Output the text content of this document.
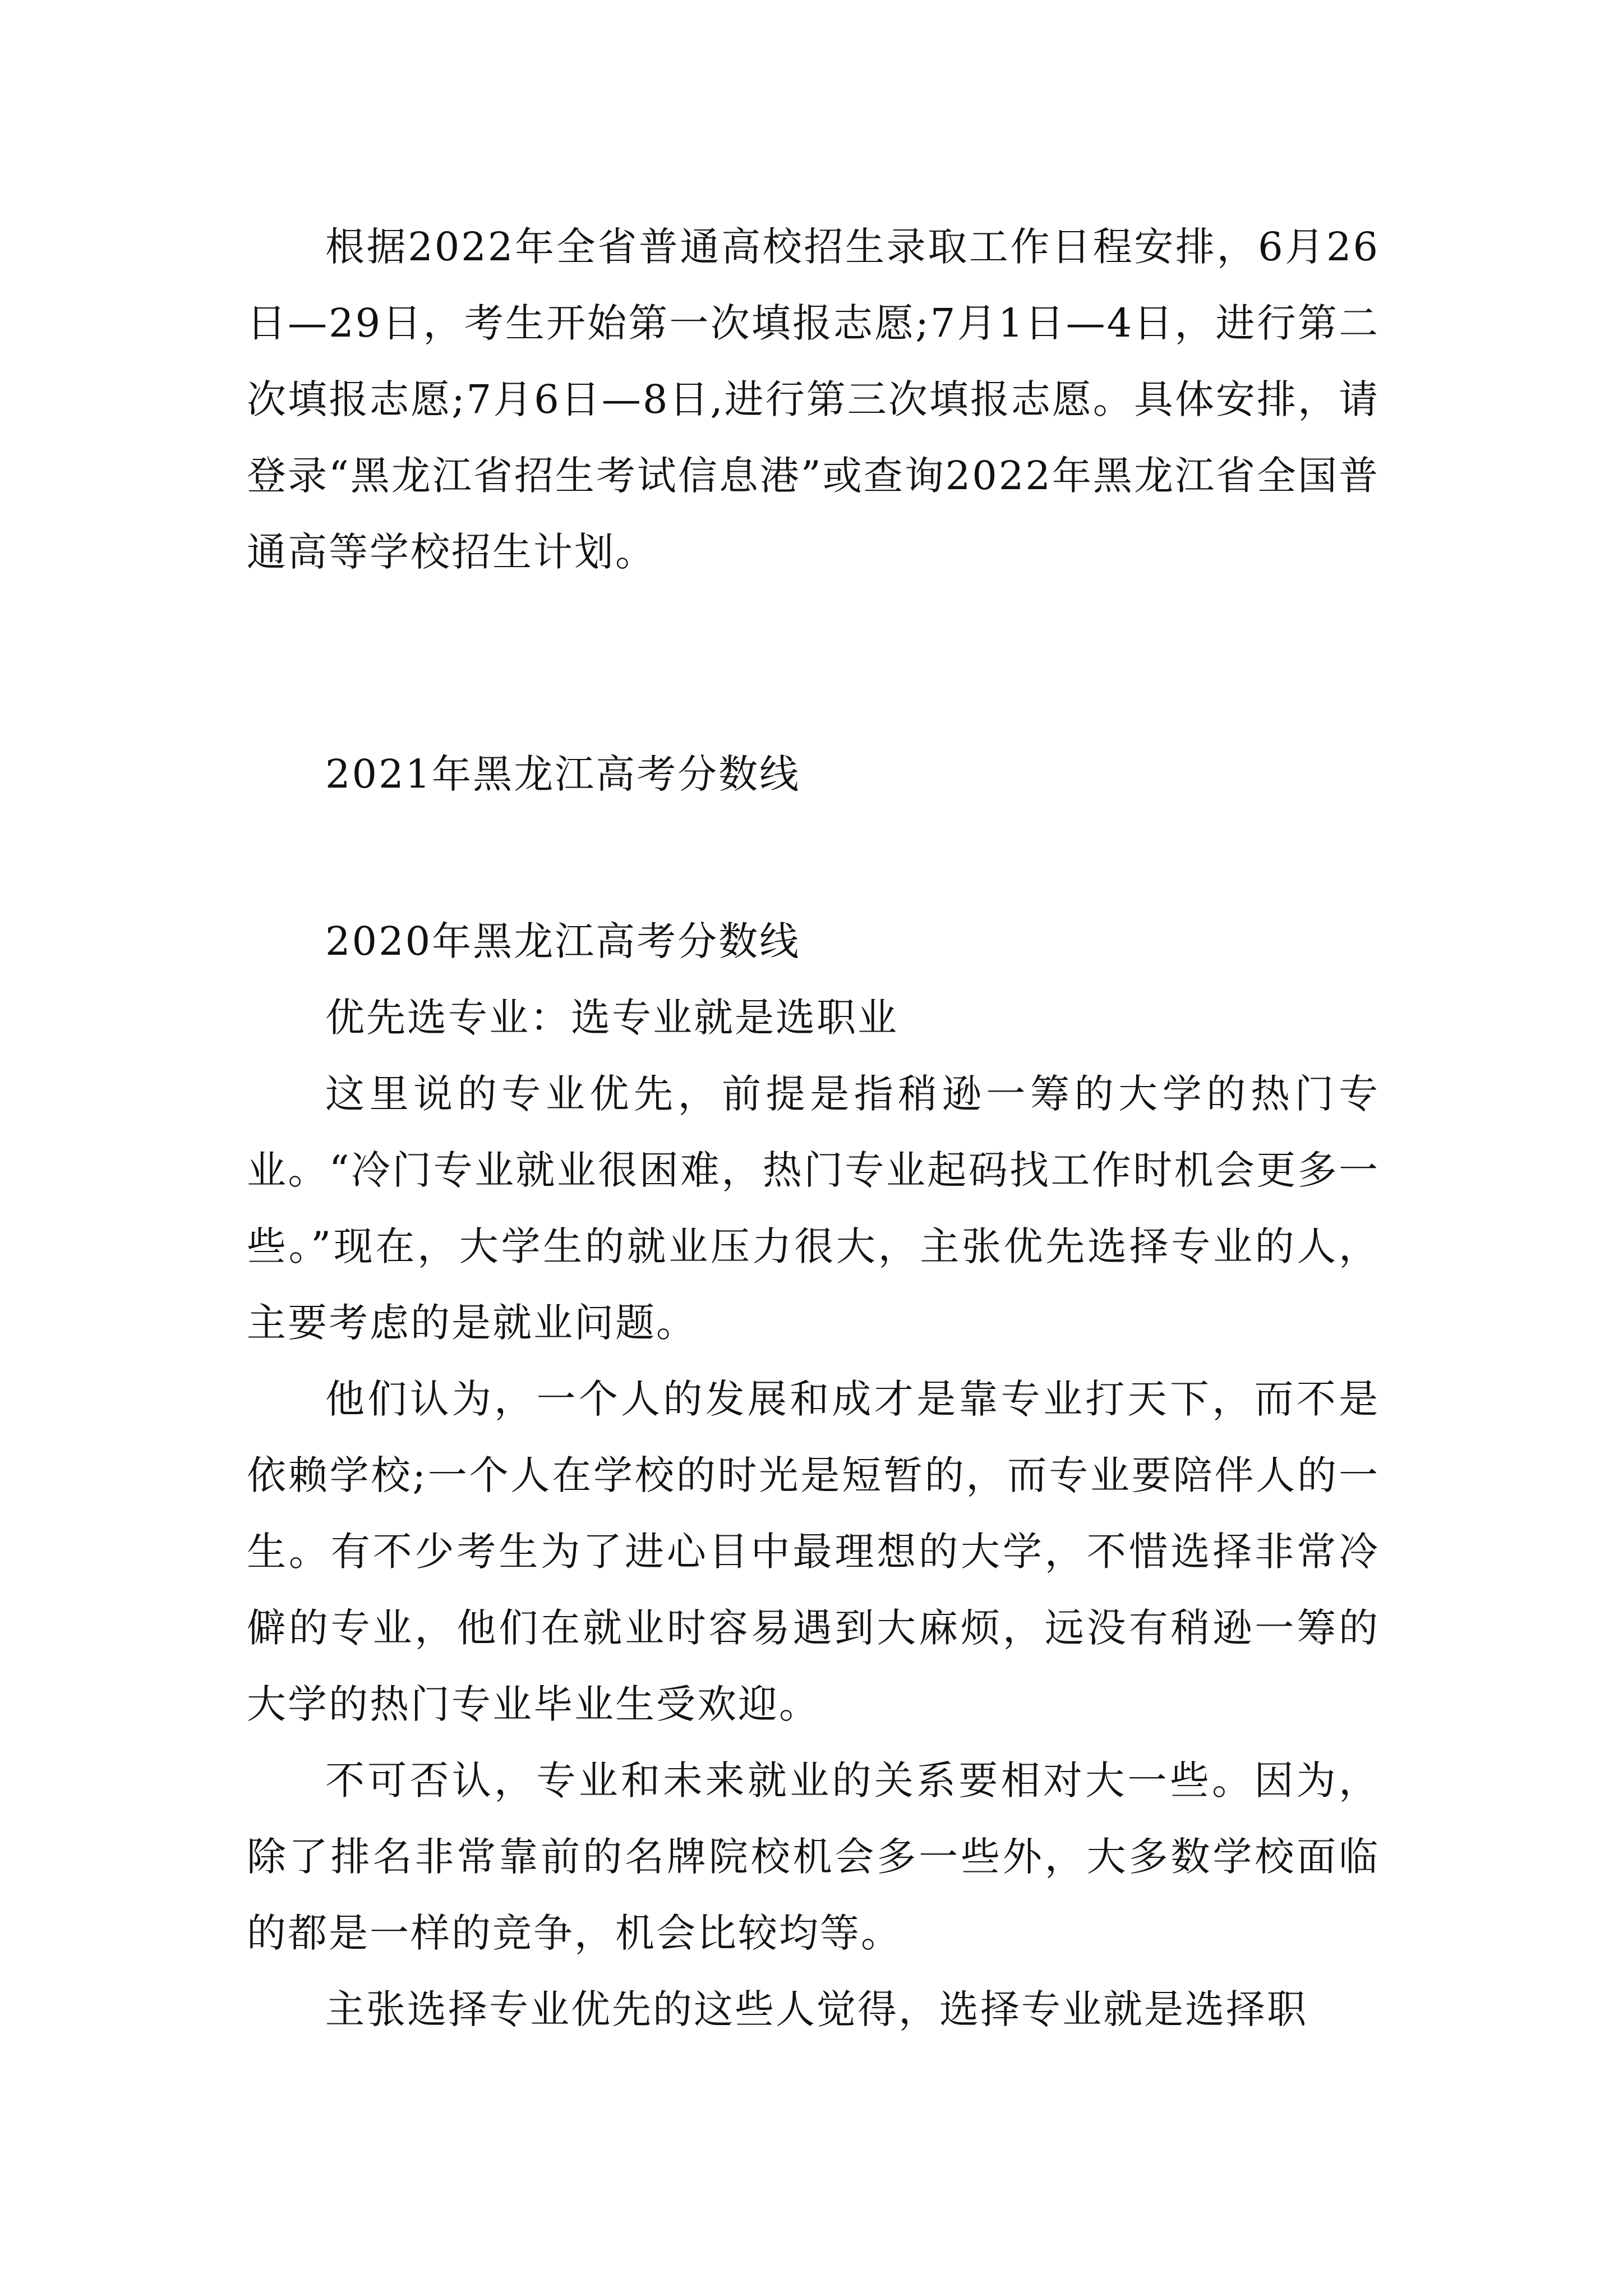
根据2022年全省普通高校招生录取工作日程安排，6月26日—29日，考生开始第一次填报志愿;7月1日—4日，进行第二次填报志愿;7月6日—8日,进行第三次填报志愿。具体安排，请登录“黑龙江省招生考试信息港”或查询2022年黑龙江省全国普通高等学校招生计划。

2021年黑龙江高考分数线

2020年黑龙江高考分数线

优先选专业：选专业就是选职业

这里说的专业优先，前提是指稍逊一筹的大学的热门专业。“冷门专业就业很困难，热门专业起码找工作时机会更多一些。”现在，大学生的就业压力很大，主张优先选择专业的人，主要考虑的是就业问题。

他们认为，一个人的发展和成才是靠专业打天下，而不是依赖学校;一个人在学校的时光是短暂的，而专业要陪伴人的一生。有不少考生为了进心目中最理想的大学，不惜选择非常冷僻的专业，他们在就业时容易遇到大麻烦，远没有稍逊一筹的大学的热门专业毕业生受欢迎。

不可否认，专业和未来就业的关系要相对大一些。因为，除了排名非常靠前的名牌院校机会多一些外，大多数学校面临的都是一样的竞争，机会比较均等。

主张选择专业优先的这些人觉得，选择专业就是选择职
